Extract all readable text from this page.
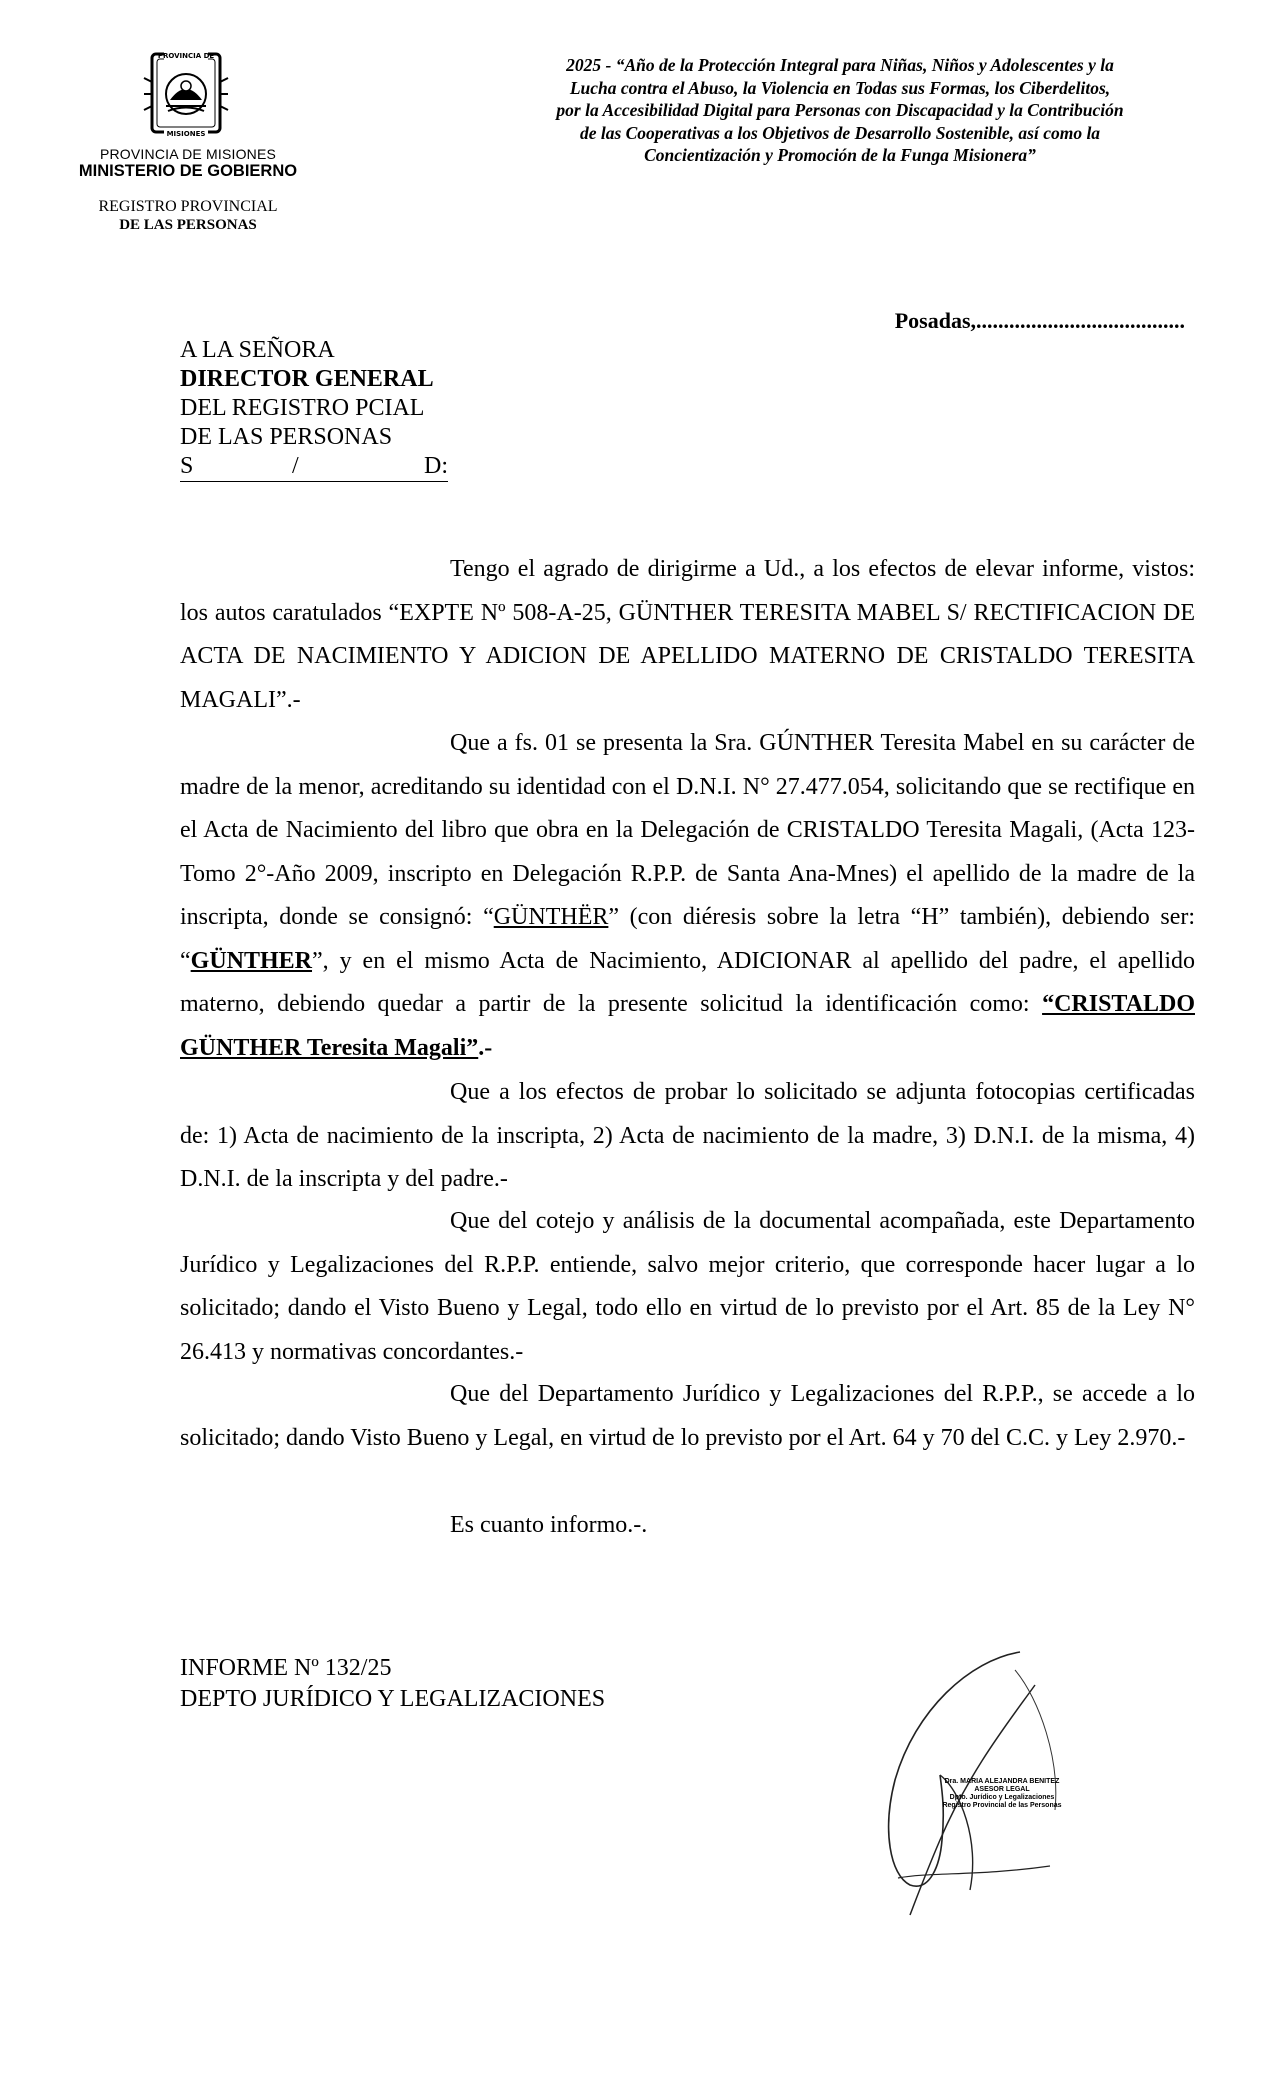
PROVINCIA DE
MISIONES
PROVINCIA DE MISIONES
MINISTERIO DE GOBIERNO
REGISTRO PROVINCIAL
DE LAS PERSONAS
2025 - “Año de la Protección Integral para Niñas, Niños y Adolescentes y la
Lucha contra el Abuso, la Violencia en Todas sus Formas, los Ciberdelitos,
por la Accesibilidad Digital para Personas con Discapacidad y la Contribución
de las Cooperativas a los Objetivos de Desarrollo Sostenible, así como la
Concientización y Promoción de la Funga Misionera”
Posadas,......................................
A LA SEÑORA
DIRECTOR GENERAL
DEL REGISTRO PCIAL
DE LAS PERSONAS
S	/	D:

Tengo el agrado de dirigirme a Ud., a los efectos de elevar informe, vistos: los autos caratulados “EXPTE Nº 508-A-25, GÜNTHER TERESITA MABEL S/ RECTIFICACION DE ACTA DE NACIMIENTO Y ADICION DE APELLIDO MATERNO DE CRISTALDO TERESITA MAGALI”.-

Que a fs. 01 se presenta la Sra. GÚNTHER Teresita Mabel en su carácter de madre de la menor, acreditando su identidad con el D.N.I. N° 27.477.054, solicitando que se rectifique en el Acta de Nacimiento del libro que obra en la Delegación de CRISTALDO Teresita Magali, (Acta 123-Tomo 2°-Año 2009, inscripto en Delegación R.P.P. de Santa Ana-Mnes) el apellido de la madre de la inscripta, donde se consignó: “GÜNTHËR” (con diéresis sobre la letra “H” también), debiendo ser: “GÜNTHER”, y en el mismo Acta de Nacimiento, ADICIONAR al apellido del padre, el apellido materno, debiendo quedar a partir de la presente solicitud la identificación como: “CRISTALDO GÜNTHER Teresita Magali”.-

Que a los efectos de probar lo solicitado se adjunta fotocopias certificadas de: 1) Acta de nacimiento de la inscripta, 2) Acta de nacimiento de la madre, 3) D.N.I. de la misma, 4) D.N.I. de la inscripta y del padre.-

Que del cotejo y análisis de la documental acompañada, este Departamento Jurídico y Legalizaciones del R.P.P. entiende, salvo mejor criterio, que corresponde hacer lugar a lo solicitado; dando el Visto Bueno y Legal, todo ello en virtud de lo previsto por el Art. 85 de la Ley N° 26.413 y normativas concordantes.-

Que del Departamento Jurídico y Legalizaciones del R.P.P., se accede a lo solicitado; dando Visto Bueno y Legal, en virtud de lo previsto por el Art. 64 y 70 del C.C. y Ley 2.970.-

Es cuanto informo.-.
INFORME Nº 132/25
DEPTO JURÍDICO Y LEGALIZACIONES
Dra. MARIA ALEJANDRA BENITEZ
ASESOR LEGAL
Dpto. Jurídico y Legalizaciones
Registro Provincial de las Personas
